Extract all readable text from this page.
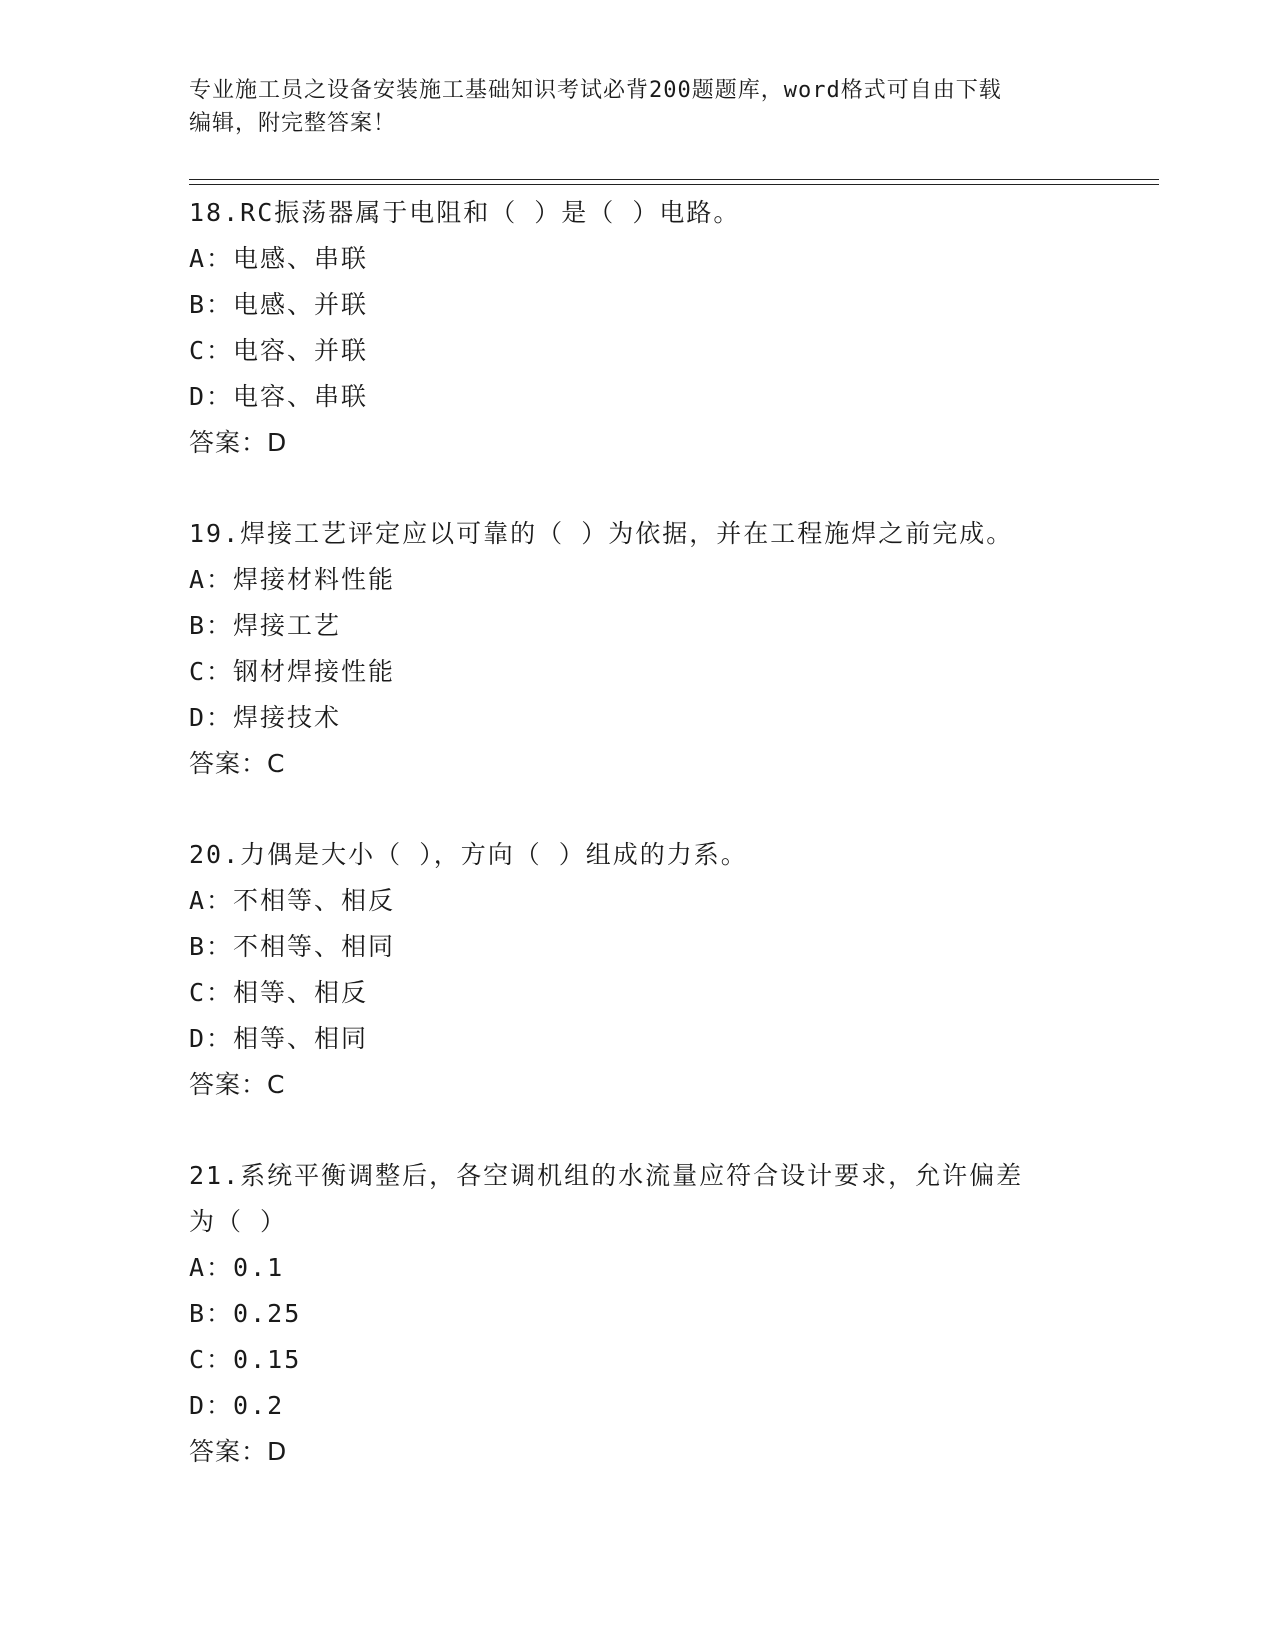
专业施工员之设备安装施工基础知识考试必背200题题库，word格式可自由下载
编辑，附完整答案！
18.RC振荡器属于电阻和（ ）是（ ）电路。
A：电感、串联
B：电感、并联
C：电容、并联
D：电容、串联
答案：D
19.焊接工艺评定应以可靠的（ ）为依据，并在工程施焊之前完成。
A：焊接材料性能
B：焊接工艺
C：钢材焊接性能
D：焊接技术
答案：C
20.力偶是大小（ ），方向（ ）组成的力系。
A：不相等、相反
B：不相等、相同
C：相等、相反
D：相等、相同
答案：C
21.系统平衡调整后，各空调机组的水流量应符合设计要求，允许偏差
为（ ）
A：0.1
B：0.25
C：0.15
D：0.2
答案：D
